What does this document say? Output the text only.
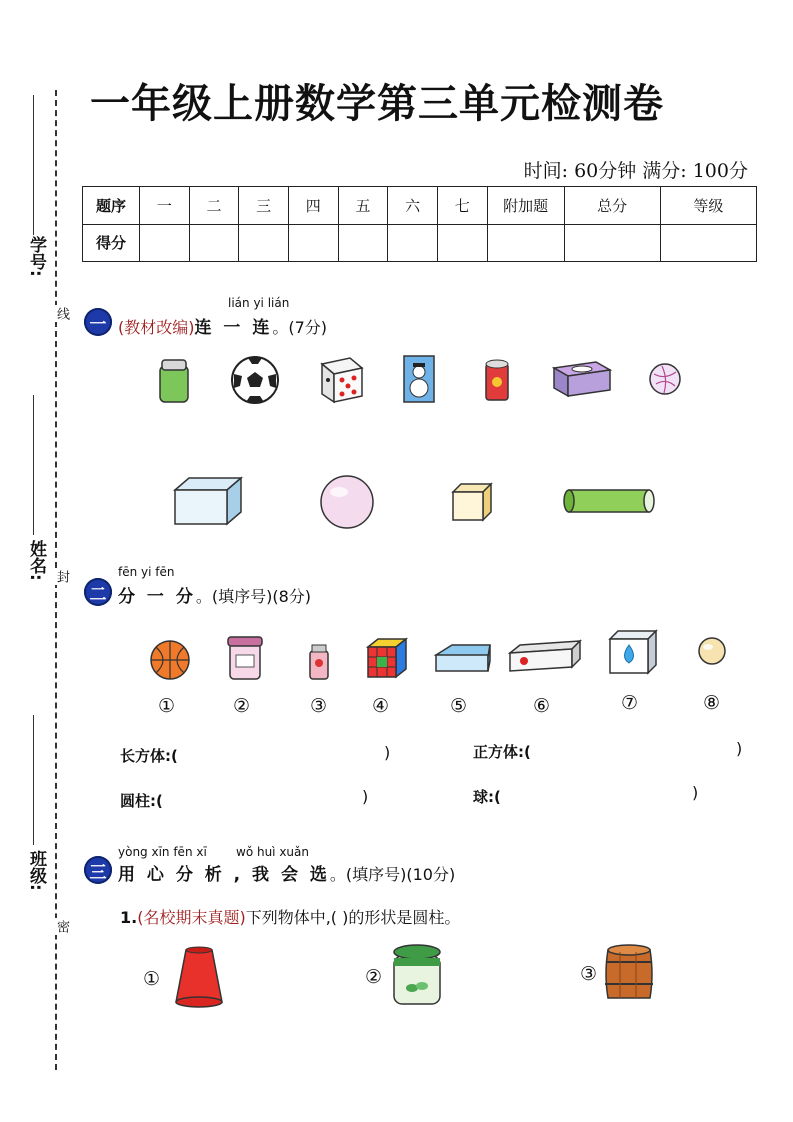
学号:
姓名:
班级:
线
封
密
一年级上册数学第三单元检测卷
时间: 60分钟 满分: 100分
题序	一	二	三	四	五	六	七	附加题	总分	等级
得分										
lián yi lián
一 (教材改编)连 一 连。(7分)
fēn yi fēn
二 分 一 分。(填序号)(8分)
①	②	③ ④	⑤	⑥	⑦	⑧
长方体:(	)	正方体:(	)
圆柱:(	)	球:(	)
yòng xīn fēn xī wǒ huì xuǎn
三 用 心 分 析 , 我 会 选。(填序号)(10分)
1.(名校期末真题)下列物体中,( )的形状是圆柱。
①	②	③
